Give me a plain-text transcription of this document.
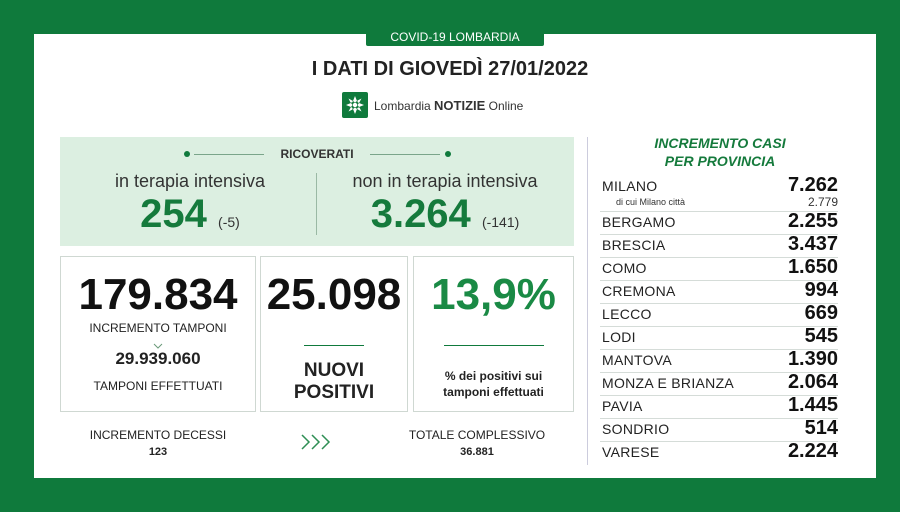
COVID-19 LOMBARDIA
I DATI DI GIOVEDÌ 27/01/2022
Lombardia NOTIZIE Online
RICOVERATI
in terapia intensiva
254 (-5)
non in terapia intensiva
3.264 (-141)
179.834
INCREMENTO TAMPONI
29.939.060
TAMPONI EFFETTUATI
25.098
NUOVI
POSITIVI
13,9%
% dei positivi sui
tamponi effettuati
INCREMENTO DECESSI
123
TOTALE COMPLESSIVO
36.881
INCREMENTO CASI
PER PROVINCIA
MILANO	7.262
di cui Milano città	2.779
BERGAMO	2.255
BRESCIA	3.437
COMO	1.650
CREMONA	994
LECCO	669
LODI	545
MANTOVA	1.390
MONZA E BRIANZA	2.064
PAVIA	1.445
SONDRIO	514
VARESE	2.224
